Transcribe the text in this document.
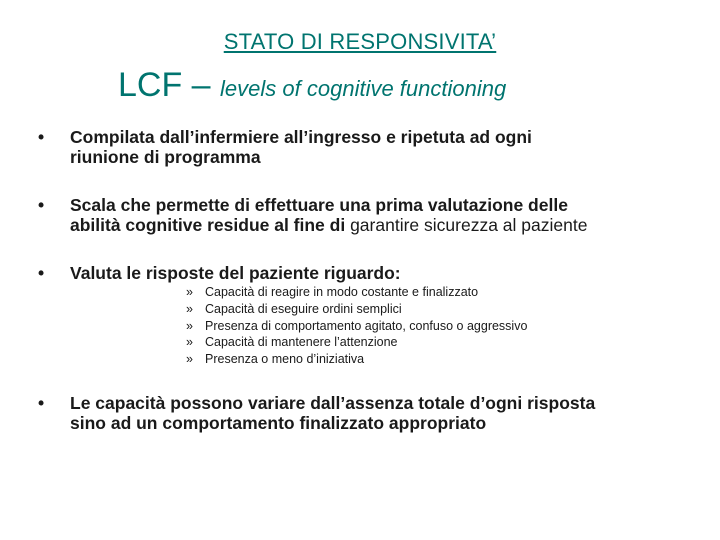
STATO DI RESPONSIVITA’
LCF – levels of cognitive functioning
• Compilata dall’infermiere all’ingresso e ripetuta ad ogni
riunione di programma
• Scala che permette di effettuare una prima valutazione delle
abilità cognitive residue al fine di garantire sicurezza al paziente
• Valuta le risposte del paziente riguardo:
» Capacità di reagire in modo costante e finalizzato
» Capacità di eseguire ordini semplici
» Presenza di comportamento agitato, confuso o aggressivo
» Capacità di mantenere l’attenzione
» Presenza o meno d’iniziativa
• Le capacità possono variare dall’assenza totale d’ogni risposta
sino ad un comportamento finalizzato appropriato
